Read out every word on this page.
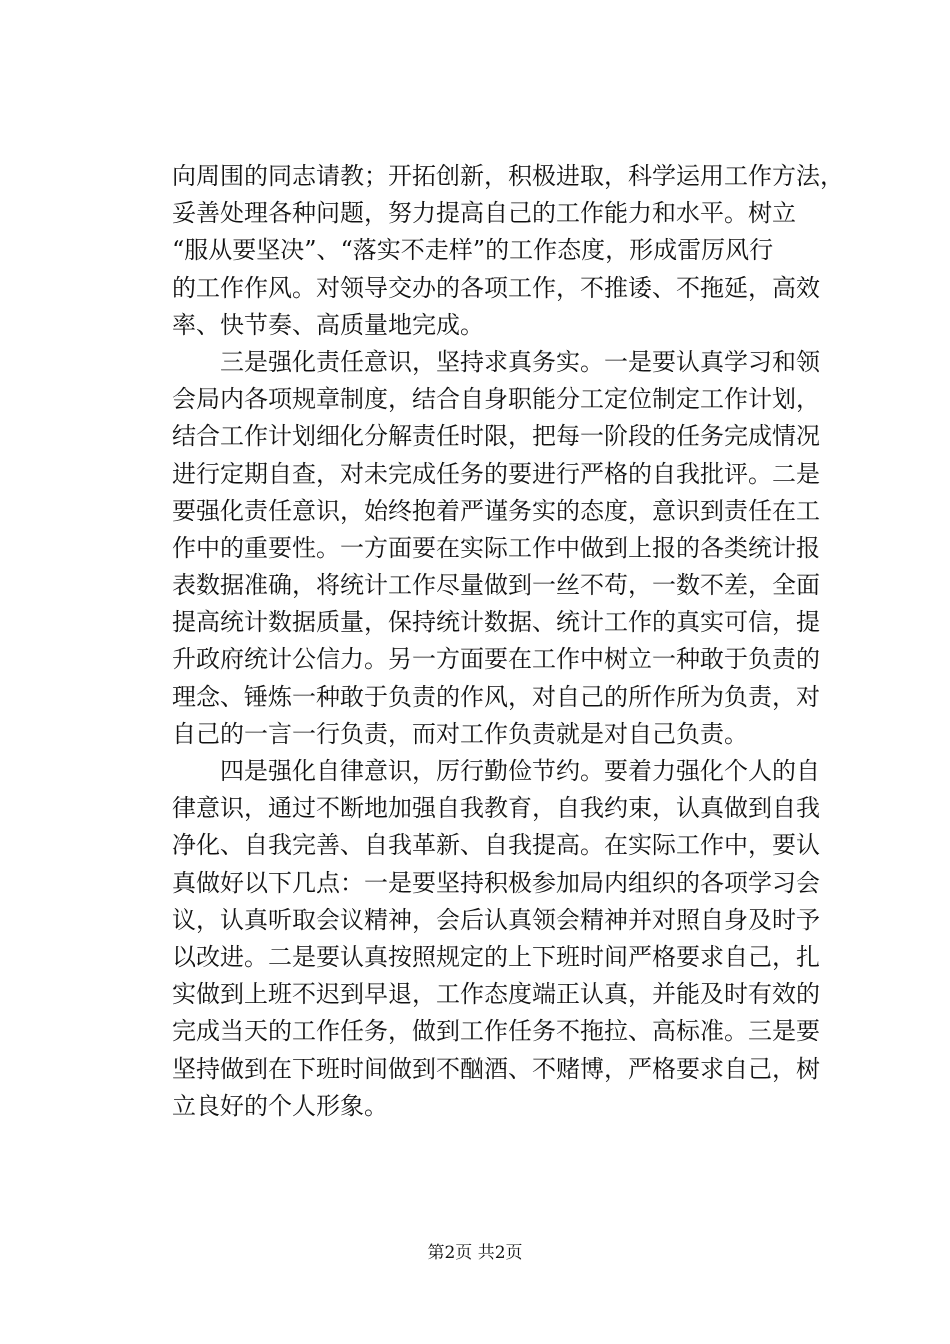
向周围的同志请教；开拓创新，积极进取，科学运用工作方法，
妥善处理各种问题，努力提高自己的工作能力和水平。树立
“服从要坚决”、“落实不走样”的工作态度，形成雷厉风行
的工作作风。对领导交办的各项工作，不推诿、不拖延，高效
率、快节奏、高质量地完成。
　　三是强化责任意识，坚持求真务实。一是要认真学习和领
会局内各项规章制度，结合自身职能分工定位制定工作计划，
结合工作计划细化分解责任时限，把每一阶段的任务完成情况
进行定期自查，对未完成任务的要进行严格的自我批评。二是
要强化责任意识，始终抱着严谨务实的态度，意识到责任在工
作中的重要性。一方面要在实际工作中做到上报的各类统计报
表数据准确，将统计工作尽量做到一丝不苟，一数不差，全面
提高统计数据质量，保持统计数据、统计工作的真实可信，提
升政府统计公信力。另一方面要在工作中树立一种敢于负责的
理念、锤炼一种敢于负责的作风，对自己的所作所为负责，对
自己的一言一行负责，而对工作负责就是对自己负责。
　　四是强化自律意识，厉行勤俭节约。要着力强化个人的自
律意识，通过不断地加强自我教育，自我约束，认真做到自我
净化、自我完善、自我革新、自我提高。在实际工作中，要认
真做好以下几点：一是要坚持积极参加局内组织的各项学习会
议，认真听取会议精神，会后认真领会精神并对照自身及时予
以改进。二是要认真按照规定的上下班时间严格要求自己，扎
实做到上班不迟到早退，工作态度端正认真，并能及时有效的
完成当天的工作任务，做到工作任务不拖拉、高标准。三是要
坚持做到在下班时间做到不酗酒、不赌博，严格要求自己，树
立良好的个人形象。
第2页 共2页
